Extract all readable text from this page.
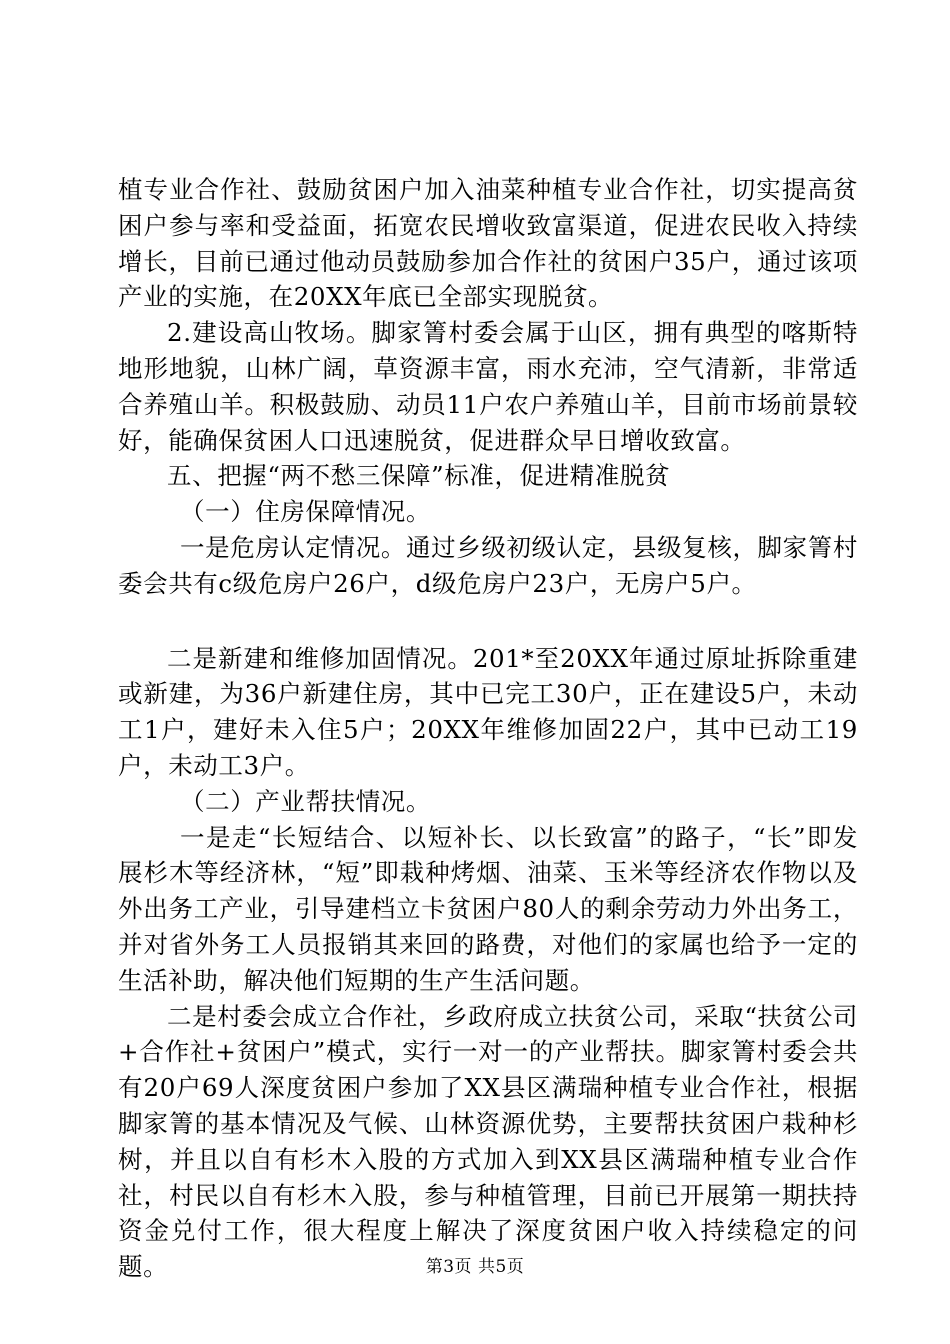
植专业合作社、鼓励贫困户加入油菜种植专业合作社，切实提高贫困户参与率和受益面，拓宽农民增收致富渠道，促进农民收入持续增长，目前已通过他动员鼓励参加合作社的贫困户35户，通过该项产业的实施，在20XX年底已全部实现脱贫。

2.建设高山牧场。脚家箐村委会属于山区，拥有典型的喀斯特地形地貌，山林广阔，草资源丰富，雨水充沛，空气清新，非常适合养殖山羊。积极鼓励、动员11户农户养殖山羊，目前市场前景较好，能确保贫困人口迅速脱贫，促进群众早日增收致富。

五、把握“两不愁三保障”标准，促进精准脱贫

（一）住房保障情况。

一是危房认定情况。通过乡级初级认定，县级复核，脚家箐村委会共有c级危房户26户，d级危房户23户，无房户5户。

二是新建和维修加固情况。201*至20XX年通过原址拆除重建或新建，为36户新建住房，其中已完工30户，正在建设5户，未动工1户，建好未入住5户；20XX年维修加固22户，其中已动工19户，未动工3户。

（二）产业帮扶情况。

一是走“长短结合、以短补长、以长致富”的路子，“长”即发展杉木等经济林，“短”即栽种烤烟、油菜、玉米等经济农作物以及外出务工产业，引导建档立卡贫困户80人的剩余劳动力外出务工，并对省外务工人员报销其来回的路费，对他们的家属也给予一定的生活补助，解决他们短期的生产生活问题。

二是村委会成立合作社，乡政府成立扶贫公司，采取“扶贫公司+合作社+贫困户”模式，实行一对一的产业帮扶。脚家箐村委会共有20户69人深度贫困户参加了XX县区满瑞种植专业合作社，根据脚家箐的基本情况及气候、山林资源优势，主要帮扶贫困户栽种杉树，并且以自有杉木入股的方式加入到XX县区满瑞种植专业合作社，村民以自有杉木入股，参与种植管理，目前已开展第一期扶持资金兑付工作，很大程度上解决了深度贫困户收入持续稳定的问题。	第3页 共5页
